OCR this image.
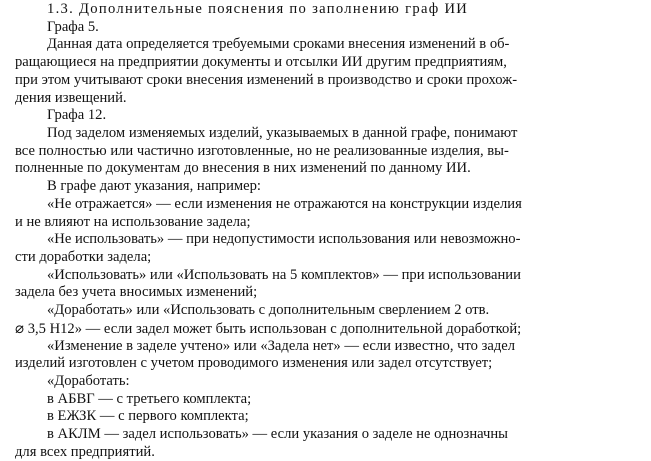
1.3. Дополнительные пояснения по заполнению граф ИИ
Графа 5.
Данная дата определяется требуемыми сроками внесения изменений в об-
ращающиеся на предприятии документы и отсылки ИИ другим предприятиям,
при этом учитывают сроки внесения изменений в производство и сроки прохож-
дения извещений.
Графа 12.
Под заделом изменяемых изделий, указываемых в данной графе, понимают
все полностью или частично изготовленные, но не реализованные изделия, вы-
полненные по документам до внесения в них изменений по данному ИИ.
В графе дают указания, например:
«Не отражается» — если изменения не отражаются на конструкции изделия
и не влияют на использование задела;
«Не использовать» — при недопустимости использования или невозможно-
сти доработки задела;
«Использовать» или «Использовать на 5 комплектов» — при использовании
задела без учета вносимых изменений;
«Доработать» или «Использовать с дополнительным сверлением 2 отв.
⌀ 3,5 H12» — если задел может быть использован с дополнительной доработкой;
«Изменение в заделе учтено» или «Задела нет» — если известно, что задел
изделий изготовлен с учетом проводимого изменения или задел отсутствует;
«Доработать:
в АБВГ — с третьего комплекта;
в ЕЖЗК — с первого комплекта;
в АКЛМ — задел использовать» — если указания о заделе не однозначны
для всех предприятий.
